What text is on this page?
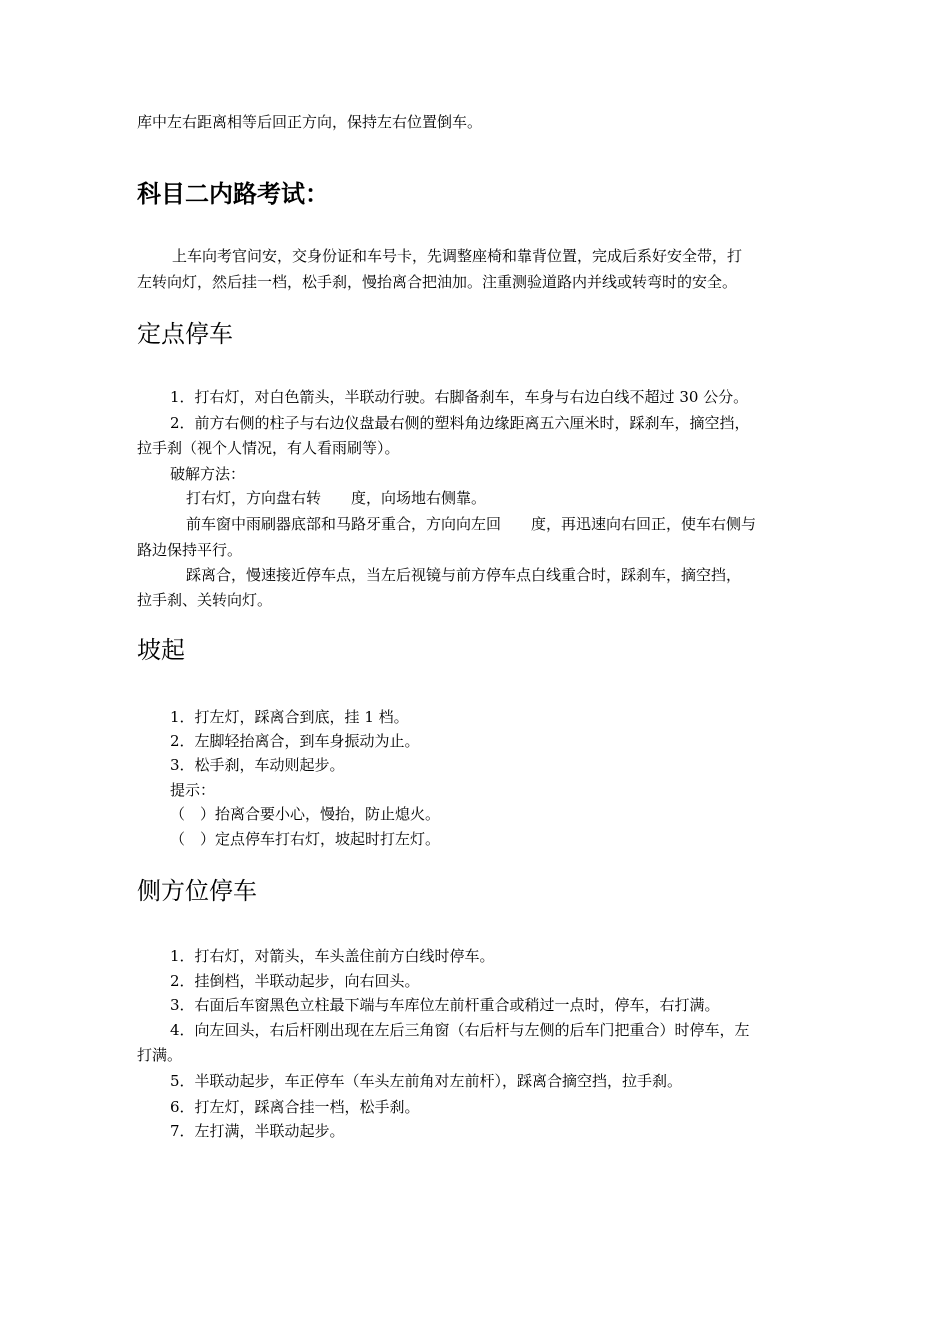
库中左右距离相等后回正方向，保持左右位置倒车。
科目二内路考试：
上车向考官问安，交身份证和车号卡，先调整座椅和靠背位置，完成后系好安全带，打
左转向灯，然后挂一档，松手刹，慢抬离合把油加。注重测验道路内并线或转弯时的安全。
定点停车
1．打右灯，对白色箭头，半联动行驶。右脚备刹车，车身与右边白线不超过 30 公分。
2．前方右侧的柱子与右边仪盘最右侧的塑料角边缘距离五六厘米时，踩刹车，摘空挡，
拉手刹（视个人情况，有人看雨刷等）。
破解方法：
打右灯，方向盘右转　　度，向场地右侧靠。
前车窗中雨刷器底部和马路牙重合，方向向左回　　度，再迅速向右回正，使车右侧与
路边保持平行。
踩离合，慢速接近停车点，当左后视镜与前方停车点白线重合时，踩刹车，摘空挡，
拉手刹、关转向灯。
坡起
1．打左灯，踩离合到底，挂 1 档。
2．左脚轻抬离合，到车身振动为止。
3．松手刹，车动则起步。
提示：
（　）抬离合要小心，慢抬，防止熄火。
（　）定点停车打右灯，坡起时打左灯。
侧方位停车
1．打右灯，对箭头，车头盖住前方白线时停车。
2．挂倒档，半联动起步，向右回头。
3．右面后车窗黑色立柱最下端与车库位左前杆重合或稍过一点时，停车，右打满。
4．向左回头，右后杆刚出现在左后三角窗（右后杆与左侧的后车门把重合）时停车，左
打满。
5．半联动起步，车正停车（车头左前角对左前杆），踩离合摘空挡，拉手刹。
6．打左灯，踩离合挂一档，松手刹。
7．左打满，半联动起步。
